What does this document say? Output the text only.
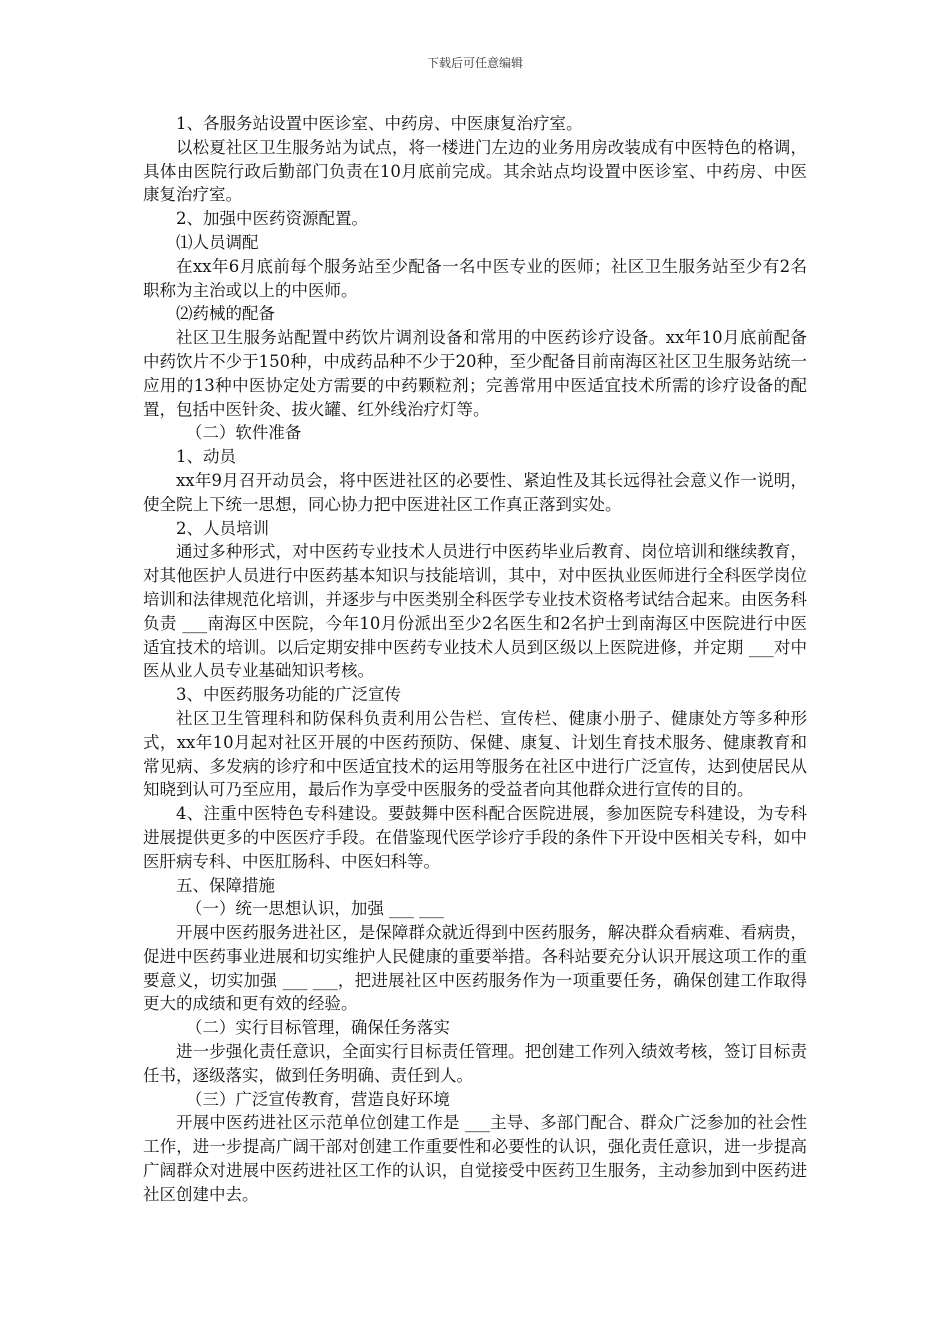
下载后可任意编辑

1、各服务站设置中医诊室、中药房、中医康复治疗室。

以松夏社区卫生服务站为试点，将一楼进门左边的业务用房改装成有中医特色的格调，具体由医院行政后勤部门负责在10月底前完成。其余站点均设置中医诊室、中药房、中医康复治疗室。

2、加强中医药资源配置。

⑴人员调配

在xx年6月底前每个服务站至少配备一名中医专业的医师；社区卫生服务站至少有2名职称为主治或以上的中医师。

⑵药械的配备

社区卫生服务站配置中药饮片调剂设备和常用的中医药诊疗设备。xx年10月底前配备中药饮片不少于150种，中成药品种不少于20种，至少配备目前南海区社区卫生服务站统一应用的13种中医协定处方需要的中药颗粒剂；完善常用中医适宜技术所需的诊疗设备的配置，包括中医针灸、拔火罐、红外线治疗灯等。

（二）软件准备

1、动员

xx年9月召开动员会，将中医进社区的必要性、紧迫性及其长远得社会意义作一说明，使全院上下统一思想，同心协力把中医进社区工作真正落到实处。

2、人员培训

通过多种形式，对中医药专业技术人员进行中医药毕业后教育、岗位培训和继续教育，对其他医护人员进行中医药基本知识与技能培训，其中，对中医执业医师进行全科医学岗位培训和法律规范化培训，并逐步与中医类别全科医学专业技术资格考试结合起来。由医务科负责 ___南海区中医院，今年10月份派出至少2名医生和2名护士到南海区中医院进行中医适宜技术的培训。以后定期安排中医药专业技术人员到区级以上医院进修，并定期 ___对中医从业人员专业基础知识考核。

3、中医药服务功能的广泛宣传

社区卫生管理科和防保科负责利用公告栏、宣传栏、健康小册子、健康处方等多种形式，xx年10月起对社区开展的中医药预防、保健、康复、计划生育技术服务、健康教育和常见病、多发病的诊疗和中医适宜技术的运用等服务在社区中进行广泛宣传，达到使居民从知晓到认可乃至应用，最后作为享受中医服务的受益者向其他群众进行宣传的目的。

4、注重中医特色专科建设。要鼓舞中医科配合医院进展，参加医院专科建设，为专科进展提供更多的中医医疗手段。在借鉴现代医学诊疗手段的条件下开设中医相关专科，如中医肝病专科、中医肛肠科、中医妇科等。

五、保障措施

（一）统一思想认识，加强 ___ ___

开展中医药服务进社区，是保障群众就近得到中医药服务，解决群众看病难、看病贵，促进中医药事业进展和切实维护人民健康的重要举措。各科站要充分认识开展这项工作的重要意义，切实加强 ___ ___，把进展社区中医药服务作为一项重要任务，确保创建工作取得更大的成绩和更有效的经验。

（二）实行目标管理，确保任务落实

进一步强化责任意识，全面实行目标责任管理。把创建工作列入绩效考核，签订目标责任书，逐级落实，做到任务明确、责任到人。

（三）广泛宣传教育，营造良好环境

开展中医药进社区示范单位创建工作是 ___主导、多部门配合、群众广泛参加的社会性工作，进一步提高广阔干部对创建工作重要性和必要性的认识，强化责任意识，进一步提高广阔群众对进展中医药进社区工作的认识，自觉接受中医药卫生服务，主动参加到中医药进社区创建中去。
